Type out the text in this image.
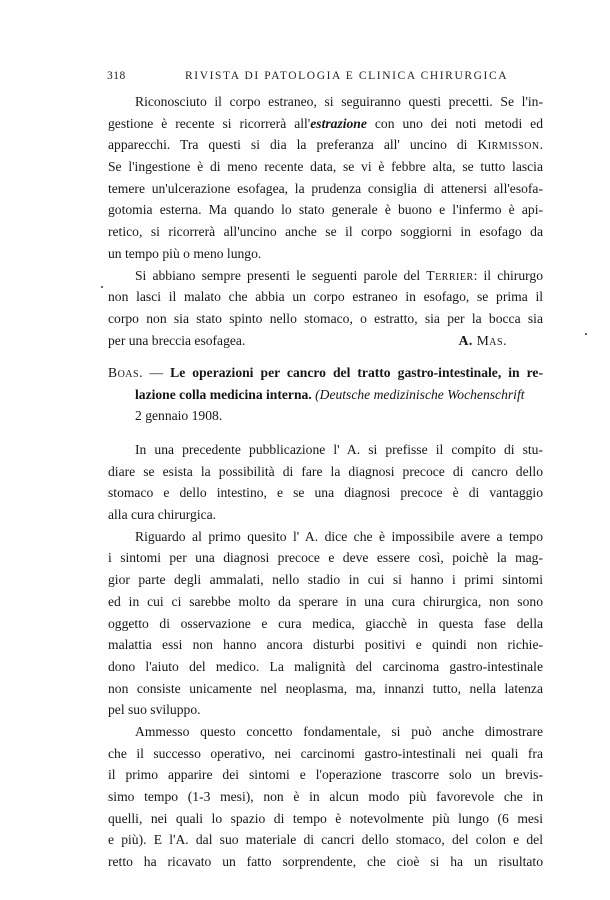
318	RIVISTA DI PATOLOGIA E CLINICA CHIRURGICA
Riconosciuto il corpo estraneo, si seguiranno questi precetti. Se l'in-
gestione è recente si ricorrerà all'estrazione con uno dei noti metodi ed
apparecchi. Tra questi si dia la preferanza all' uncino di Kirmisson.
Se l'ingestione è di meno recente data, se vi è febbre alta, se tutto lascia
temere un'ulcerazione esofagea, la prudenza consiglia di attenersi all'esofa-
gotomia esterna. Ma quando lo stato generale è buono e l'infermo è api-
retico, si ricorrerà all'uncino anche se il corpo soggiorni in esofago da
un tempo più o meno lungo.
Si abbiano sempre presenti le seguenti parole del Terrier: il chirurgo
non lasci il malato che abbia un corpo estraneo in esofago, se prima il
corpo non sia stato spinto nello stomaco, o estratto, sia per la bocca sia
per una breccia esofagea.	A. Mas.
Boas. — Le operazioni per cancro del tratto gastro-intestinale, in re-
lazione colla medicina interna. (Deutsche medizinische Wochenschrift
2 gennaio 1908.
In una precedente pubblicazione l' A. si prefisse il compito di stu-
diare se esista la possibilità di fare la diagnosi precoce di cancro dello
stomaco e dello intestino, e se una diagnosi precoce è di vantaggio
alla cura chirurgica.
Riguardo al primo quesito l' A. dice che è impossibile avere a tempo
i sintomi per una diagnosi precoce e deve essere così, poichè la mag-
gior parte degli ammalati, nello stadio in cui si hanno i primi sintomi
ed in cui ci sarebbe molto da sperare in una cura chirurgica, non sono
oggetto di osservazione e cura medica, giacchè in questa fase della
malattia essi non hanno ancora disturbi positivi e quindi non richie-
dono l'aiuto del medico. La malignità del carcinoma gastro-intestinale
non consiste unicamente nel neoplasma, ma, innanzi tutto, nella latenza
pel suo sviluppo.
Ammesso questo concetto fondamentale, si può anche dimostrare
che il successo operativo, nei carcinomi gastro-intestinali nei quali fra
il primo apparire dei sintomi e l'operazione trascorre solo un brevis-
simo tempo (1-3 mesi), non è in alcun modo più favorevole che in
quelli, nei quali lo spazio di tempo è notevolmente più lungo (6 mesi
e più). E l'A. dal suo materiale di cancri dello stomaco, del colon e del
retto ha ricavato un fatto sorprendente, che cioè si ha un risultato
